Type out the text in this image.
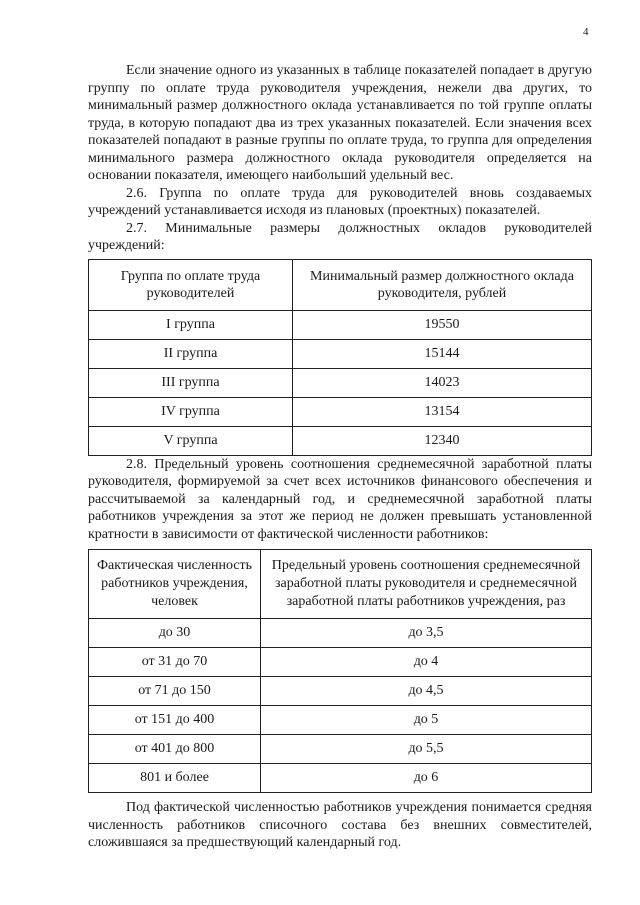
4

Если значение одного из указанных в таблице показателей попадает в другую группу по оплате труда руководителя учреждения, нежели два других, то минимальный размер должностного оклада устанавливается по той группе оплаты труда, в которую попадают два из трех указанных показателей. Если значения всех показателей попадают в разные группы по оплате труда, то группа для определения минимального размера должностного оклада руководителя определяется на основании показателя, имеющего наибольший удельный вес.

2.6. Группа по оплате труда для руководителей вновь создаваемых учреждений устанавливается исходя из плановых (проектных) показателей.

2.7. Минимальные размеры должностных окладов руководителей учреждений:

Группа по оплате труда руководителей	Минимальный размер должностного оклада руководителя, рублей
I группа	19550
II группа	15144
III группа	14023
IV группа	13154
V группа	12340

2.8. Предельный уровень соотношения среднемесячной заработной платы руководителя, формируемой за счет всех источников финансового обеспечения и рассчитываемой за календарный год, и среднемесячной заработной платы работников учреждения за этот же период не должен превышать установленной кратности в зависимости от фактической численности работников:

Фактическая численность работников учреждения, человек	Предельный уровень соотношения среднемесячной заработной платы руководителя и среднемесячной заработной платы работников учреждения, раз
до 30	до 3,5
от 31 до 70	до 4
от 71 до 150	до 4,5
от 151 до 400	до 5
от 401 до 800	до 5,5
801 и более	до 6

Под фактической численностью работников учреждения понимается средняя численность работников списочного состава без внешних совместителей, сложившаяся за предшествующий календарный год.
